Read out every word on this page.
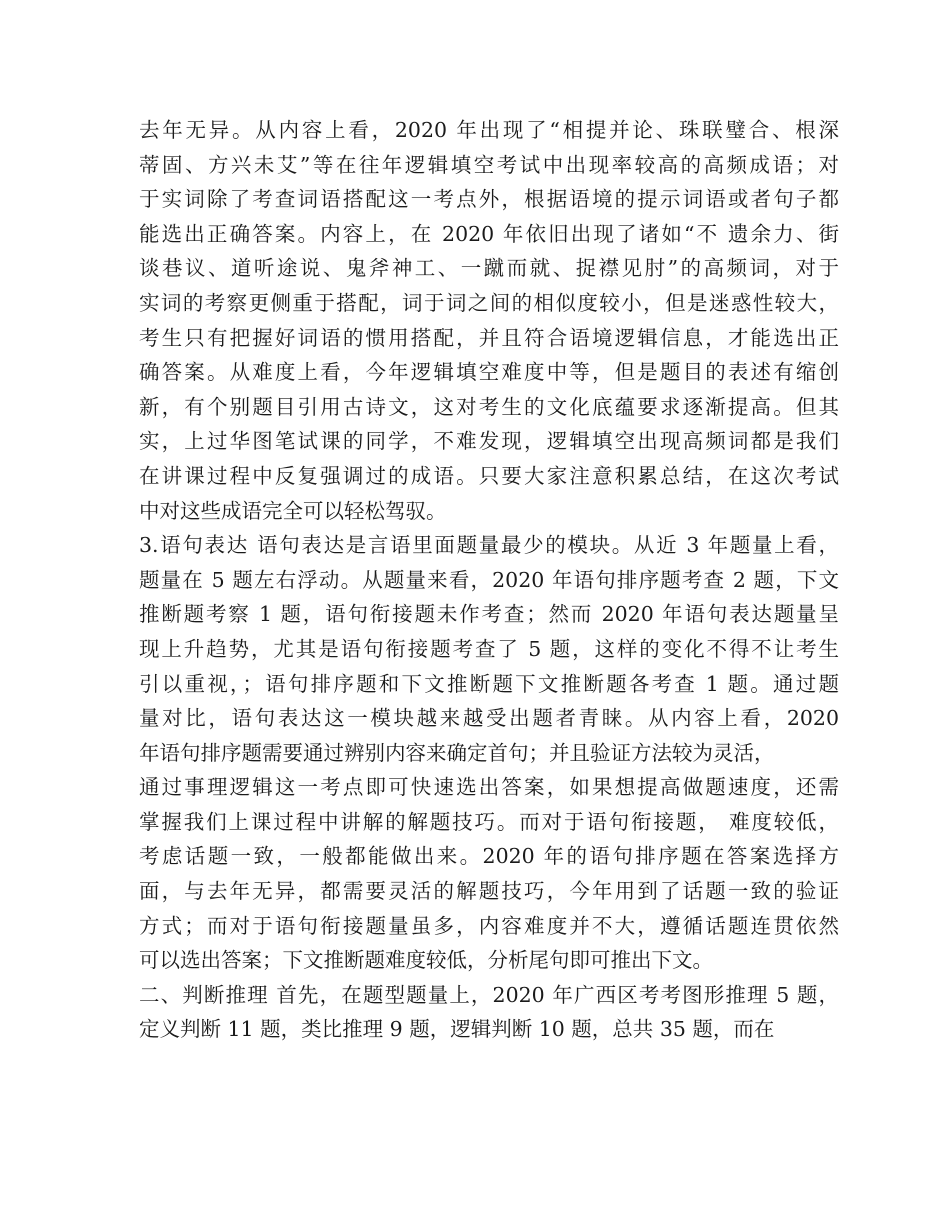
去年无异。从内容上看，2020 年出现了“相提并论、珠联璧合、根深
蒂固、方兴未艾”等在往年逻辑填空考试中出现率较高的高频成语；对
于实词除了考查词语搭配这一考点外，根据语境的提示词语或者句子都
能选出正确答案。内容上，在 2020 年依旧出现了诸如“不 遗余力、街
谈巷议、道听途说、鬼斧神工、一蹴而就、捉襟见肘”的高频词，对于
实词的考察更侧重于搭配，词于词之间的相似度较小，但是迷惑性较大，
考生只有把握好词语的惯用搭配，并且符合语境逻辑信息，才能选出正
确答案。从难度上看，今年逻辑填空难度中等，但是题目的表述有缩创
新，有个别题目引用古诗文，这对考生的文化底蕴要求逐渐提高。但其
实，上过华图笔试课的同学，不难发现，逻辑填空出现高频词都是我们
在讲课过程中反复强调过的成语。只要大家注意积累总结，在这次考试
中对这些成语完全可以轻松驾驭。
3.语句表达 语句表达是言语里面题量最少的模块。从近 3 年题量上看，
题量在 5 题左右浮动。从题量来看，2020 年语句排序题考查 2 题，下文
推断题考察 1 题，语句衔接题未作考查；然而 2020 年语句表达题量呈
现上升趋势，尤其是语句衔接题考查了 5 题，这样的变化不得不让考生
引以重视，；语句排序题和下文推断题下文推断题各考查 1 题。通过题
量对比，语句表达这一模块越来越受出题者青睐。从内容上看，2020
年语句排序题需要通过辨别内容来确定首句；并且验证方法较为灵活，
通过事理逻辑这一考点即可快速选出答案，如果想提高做题速度，还需
掌握我们上课过程中讲解的解题技巧。而对于语句衔接题， 难度较低，
考虑话题一致，一般都能做出来。2020 年的语句排序题在答案选择方
面，与去年无异，都需要灵活的解题技巧，今年用到了话题一致的验证
方式；而对于语句衔接题量虽多，内容难度并不大，遵循话题连贯依然
可以选出答案；下文推断题难度较低，分析尾句即可推出下文。
二、判断推理 首先，在题型题量上，2020 年广西区考考图形推理 5 题，
定义判断 11 题，类比推理 9 题，逻辑判断 10 题，总共 35 题，而在
